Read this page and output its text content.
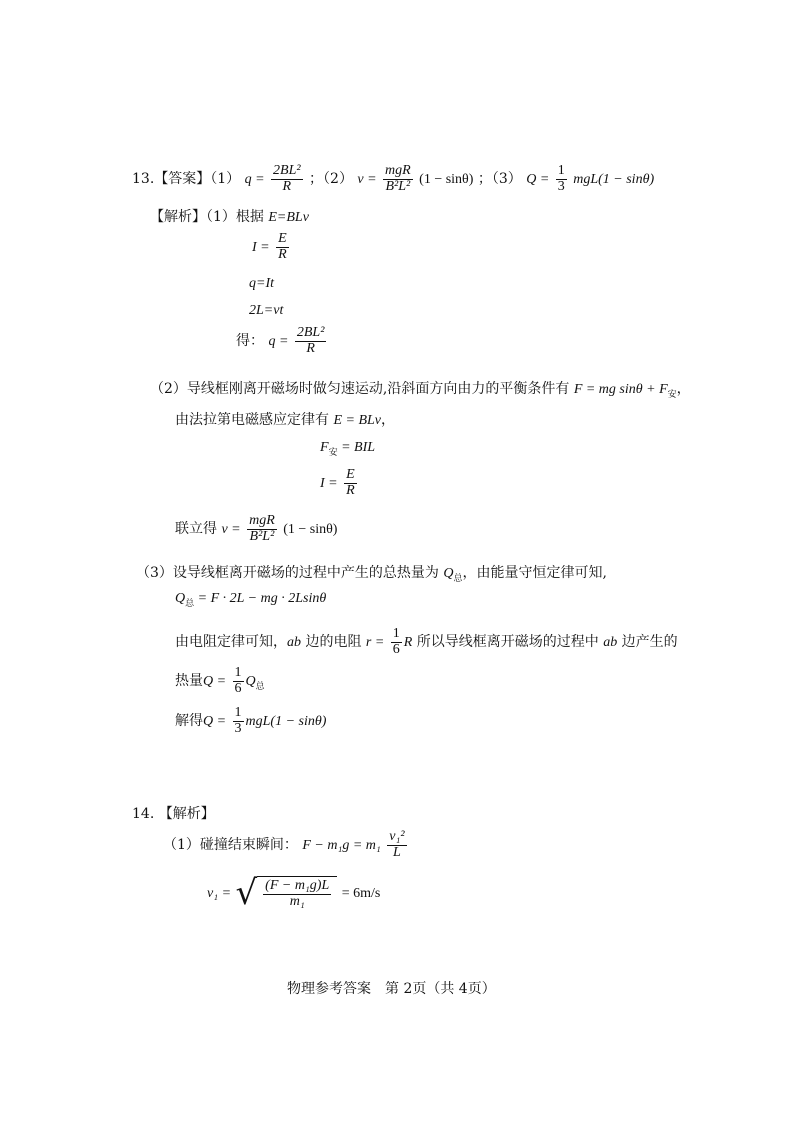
13.【答案】（1） $q = \frac{\text{2BL²}}{R}$ ；（2） $v = \frac{\text{mgR}}{\text{B²L²}} (1 - \sin\theta)$ ；（3） $Q = \frac{1}{3} mgL(1 - \sin\theta)$
【解析】（1）根据 E=BLv
$I = \frac{E}{R}$
q=It
2L=vt
得： $q = \frac{\text{2BL²}}{R}$
（2）导线框刚离开磁场时做匀速运动,沿斜面方向由力的平衡条件有 F = mg $\sin\theta + F_安$，
由法拉第电磁感应定律有 E = BLv，
$F_安$ = BIL
$I = \frac{E}{R}$
联立得 $v = \frac{\text{mgR}}{\text{B²L²}} (1 - \sin\theta)$
（3）设导线框离开磁场的过程中产生的总热量为 $Q_总$，由能量守恒定律可知,
$Q_总 = F \cdot 2L$ − mg · 2Lsinθ
由电阻定律可知，ab 边的电阻 $r = \frac{1}{6}$ R 所以导线框离开磁场的过程中 ab 边产生的
热量$Q = \frac{1}{6} Q_总$
解得$Q = \frac{1}{3} mgL(1 - \sin\theta)$
14. 【解析】
（1）碰撞结束瞬间： $F - m_1g = m_1 \frac{\text{v₁²}}{L}$
v₁ = √ $\frac{\text{(F − m₁g)L}}{\text{m₁}} = 6m/s$
物理参考答案　第 2页（共 4页）
